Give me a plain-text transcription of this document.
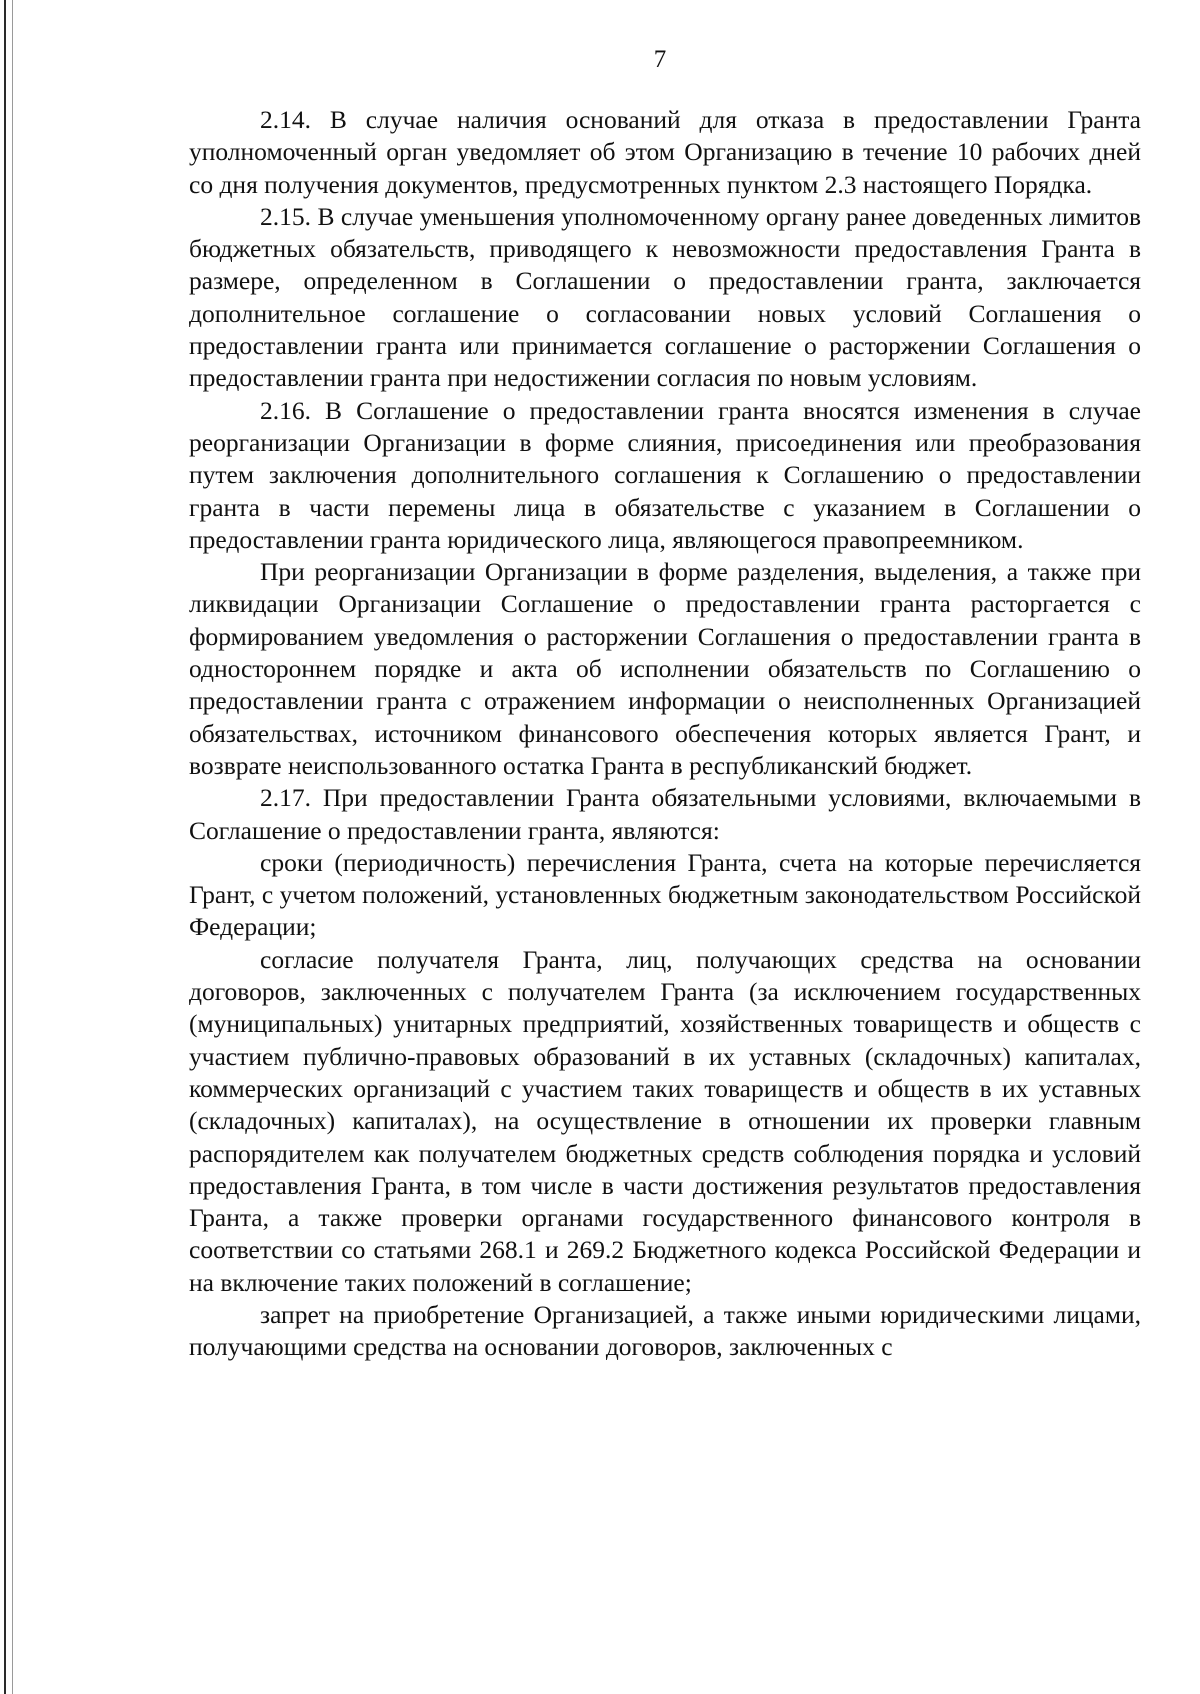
7

2.14. В случае наличия оснований для отказа в предоставлении Гранта уполномоченный орган уведомляет об этом Организацию в течение 10 рабочих дней со дня получения документов, предусмотренных пунктом 2.3 настоящего Порядка.

2.15. В случае уменьшения уполномоченному органу ранее доведенных лимитов бюджетных обязательств, приводящего к невозможности предоставления Гранта в размере, определенном в Соглашении о предоставлении гранта, заключается дополнительное соглашение о согласовании новых условий Соглашения о предоставлении гранта или принимается соглашение о расторжении Соглашения о предоставлении гранта при недостижении согласия по новым условиям.

2.16. В Соглашение о предоставлении гранта вносятся изменения в случае реорганизации Организации в форме слияния, присоединения или преобразования путем заключения дополнительного соглашения к Соглашению о предоставлении гранта в части перемены лица в обязательстве с указанием в Соглашении о предоставлении гранта юридического лица, являющегося правопреемником.

При реорганизации Организации в форме разделения, выделения, а также при ликвидации Организации Соглашение о предоставлении гранта расторгается с формированием уведомления о расторжении Соглашения о предоставлении гранта в одностороннем порядке и акта об исполнении обязательств по Соглашению о предоставлении гранта с отражением информации о неисполненных Организацией обязательствах, источником финансового обеспечения которых является Грант, и возврате неиспользованного остатка Гранта в республиканский бюджет.

2.17. При предоставлении Гранта обязательными условиями, включаемыми в Соглашение о предоставлении гранта, являются:

сроки (периодичность) перечисления Гранта, счета на которые перечисляется Грант, с учетом положений, установленных бюджетным законодательством Российской Федерации;

согласие получателя Гранта, лиц, получающих средства на основании договоров, заключенных с получателем Гранта (за исключением государственных (муниципальных) унитарных предприятий, хозяйственных товариществ и обществ с участием публично-правовых образований в их уставных (складочных) капиталах, коммерческих организаций с участием таких товариществ и обществ в их уставных (складочных) капиталах), на осуществление в отношении их проверки главным распорядителем как получателем бюджетных средств соблюдения порядка и условий предоставления Гранта, в том числе в части достижения результатов предоставления Гранта, а также проверки органами государственного финансового контроля в соответствии со статьями 268.1 и 269.2 Бюджетного кодекса Российской Федерации и на включение таких положений в соглашение;

запрет на приобретение Организацией, а также иными юридическими лицами, получающими средства на основании договоров, заключенных с
